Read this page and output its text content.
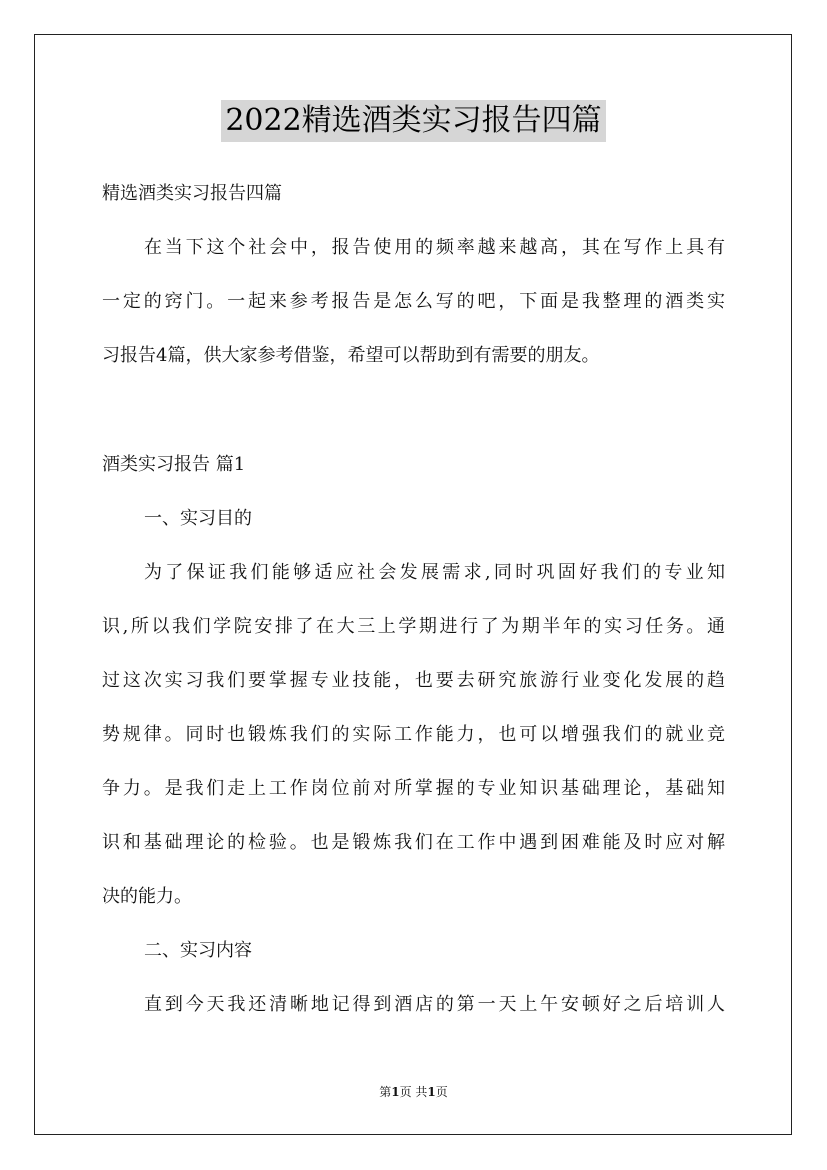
2022精选酒类实习报告四篇
精选酒类实习报告四篇
在当下这个社会中，报告使用的频率越来越高，其在写作上具有
一定的窍门。一起来参考报告是怎么写的吧，下面是我整理的酒类实
习报告4篇，供大家参考借鉴，希望可以帮助到有需要的朋友。
酒类实习报告 篇1
一、实习目的
为了保证我们能够适应社会发展需求,同时巩固好我们的专业知
识,所以我们学院安排了在大三上学期进行了为期半年的实习任务。通
过这次实习我们要掌握专业技能，也要去研究旅游行业变化发展的趋
势规律。同时也锻炼我们的实际工作能力，也可以增强我们的就业竞
争力。是我们走上工作岗位前对所掌握的专业知识基础理论，基础知
识和基础理论的检验。也是锻炼我们在工作中遇到困难能及时应对解
决的能力。
二、实习内容
直到今天我还清晰地记得到酒店的第一天上午安顿好之后培训人
第1页 共1页
